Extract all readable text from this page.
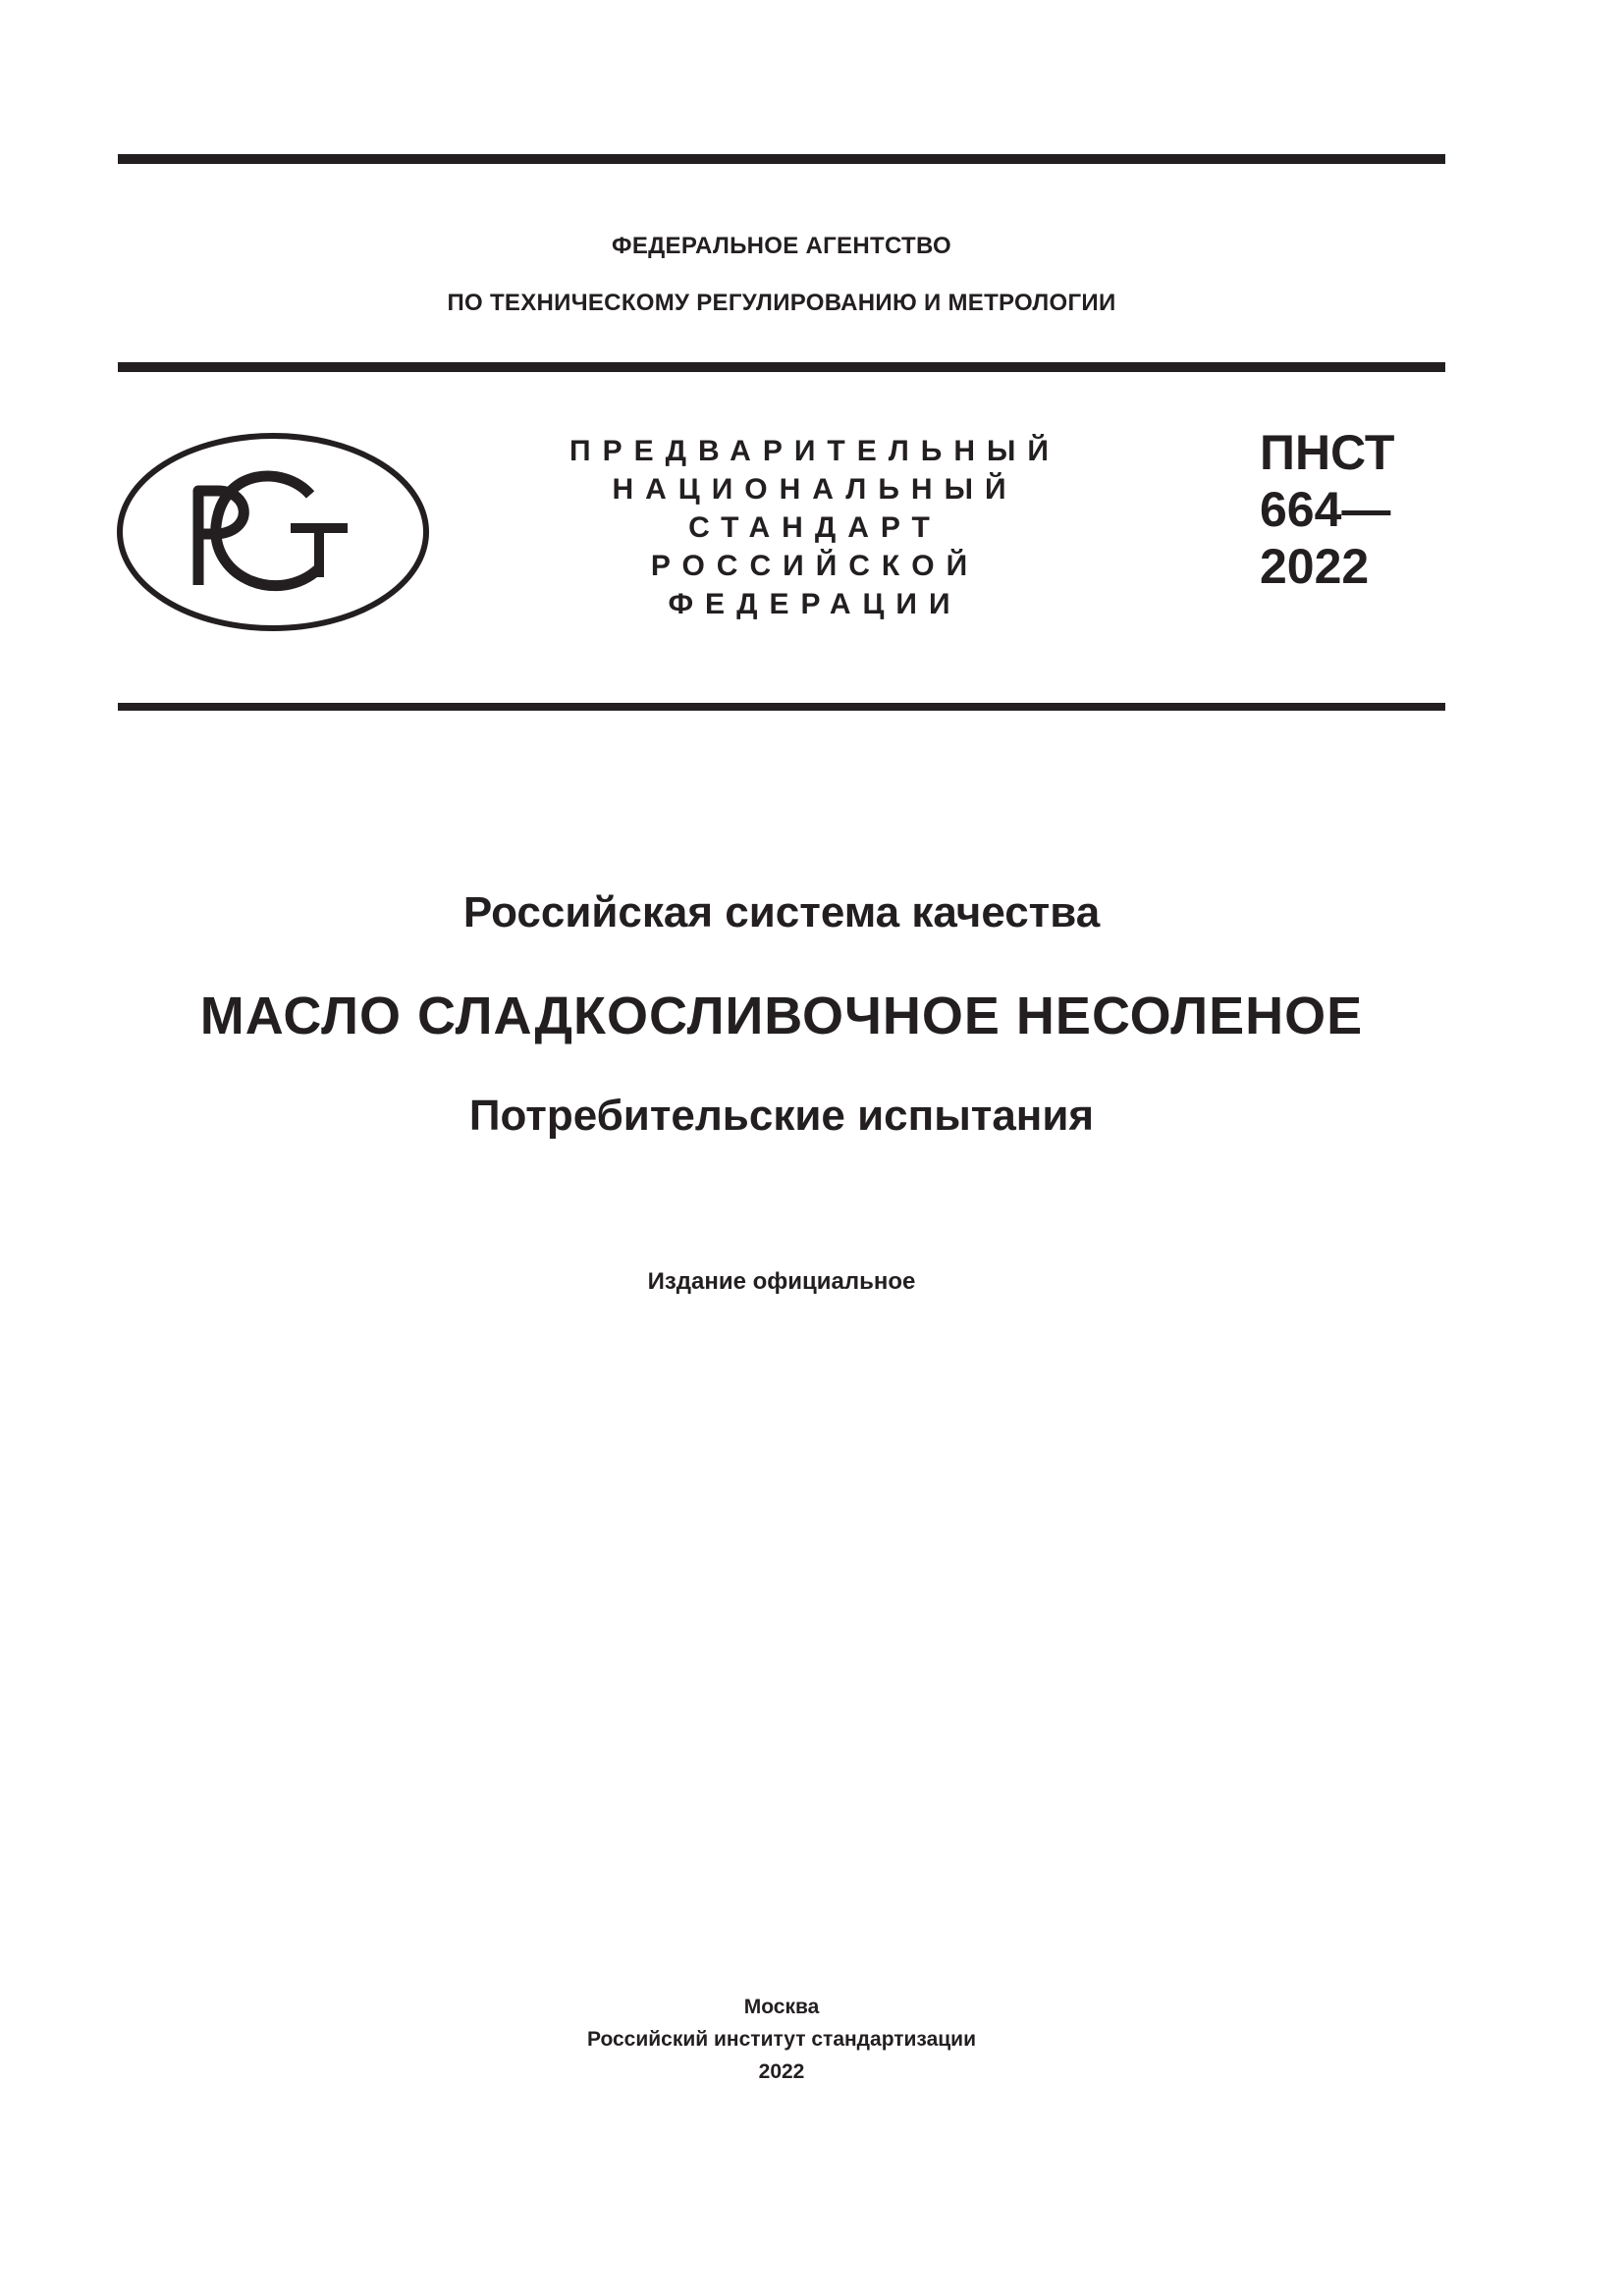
ФЕДЕРАЛЬНОЕ АГЕНТСТВО
ПО ТЕХНИЧЕСКОМУ РЕГУЛИРОВАНИЮ И МЕТРОЛОГИИ
ПРЕДВАРИТЕЛЬНЫЙ
НАЦИОНАЛЬНЫЙ
СТАНДАРТ
РОССИЙСКОЙ
ФЕДЕРАЦИИ
ПНСТ
664—
2022
Российская система качества
МАСЛО СЛАДКОСЛИВОЧНОЕ НЕСОЛЕНОЕ
Потребительские испытания
Издание официальное
Москва
Российский институт стандартизации
2022
